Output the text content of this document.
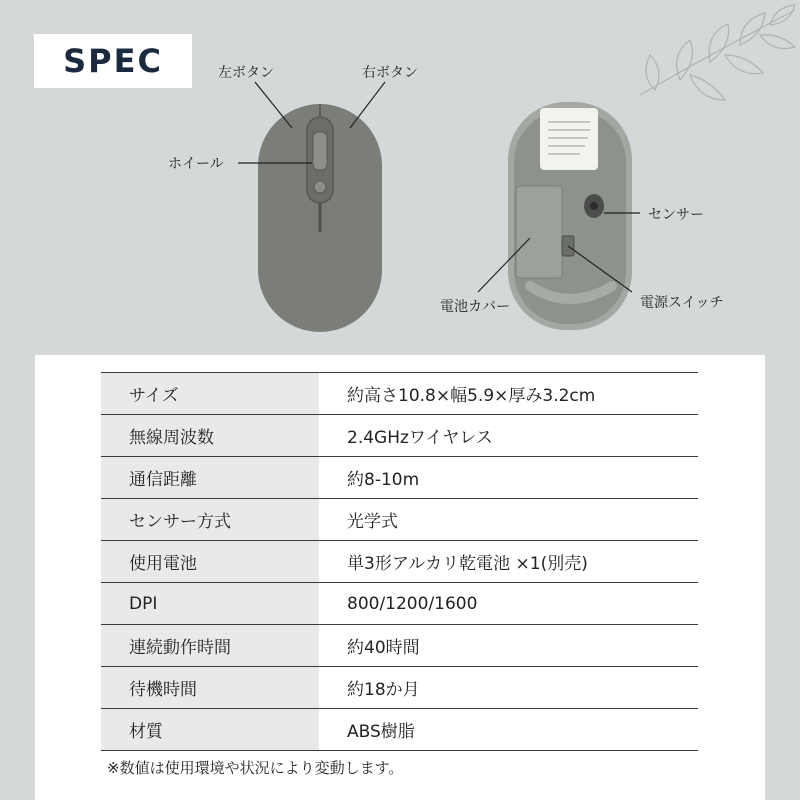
SPEC	左ボタン	右ボタン
ホイール
センサー
電池カバー	電源スイッチ
サイズ	約高さ10.8×幅5.9×厚み3.2cm
無線周波数	2.4GHzワイヤレス
通信距離	約8-10m
センサー方式	光学式
使用電池	単3形アルカリ乾電池 ×1(別売)
DPI	800/1200/1600
連続動作時間	約40時間
待機時間	約18か月
材質	ABS樹脂
※数値は使用環境や状況により変動します。
